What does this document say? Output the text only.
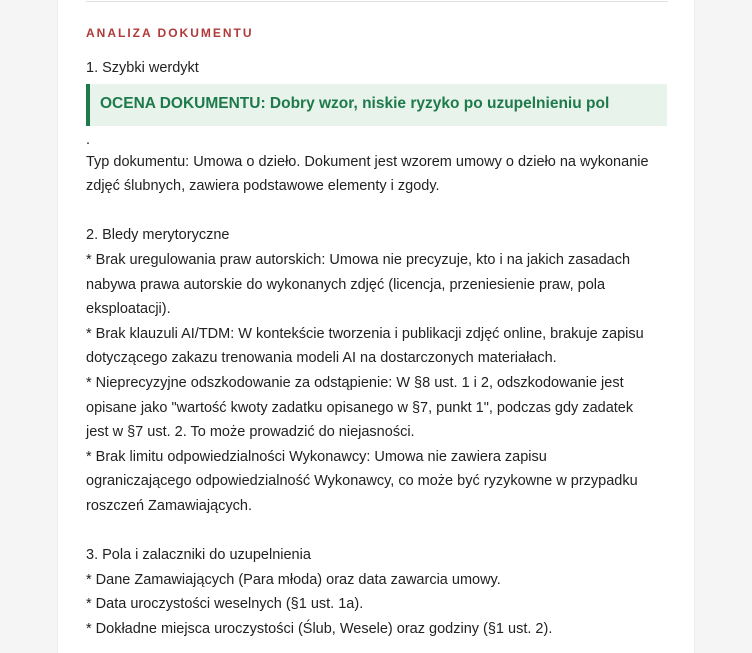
ANALIZA DOKUMENTU
1. Szybki werdykt
OCENA DOKUMENTU: Dobry wzor, niskie ryzyko po uzupelnieniu pol
.
Typ dokumentu: Umowa o dzieło. Dokument jest wzorem umowy o dzieło na wykonanie
zdjęć ślubnych, zawiera podstawowe elementy i zgody.
2. Bledy merytoryczne
* Brak uregulowania praw autorskich: Umowa nie precyzuje, kto i na jakich zasadach
nabywa prawa autorskie do wykonanych zdjęć (licencja, przeniesienie praw, pola
eksploatacji).
* Brak klauzuli AI/TDM: W kontekście tworzenia i publikacji zdjęć online, brakuje zapisu
dotyczącego zakazu trenowania modeli AI na dostarczonych materiałach.
* Nieprecyzyjne odszkodowanie za odstąpienie: W §8 ust. 1 i 2, odszkodowanie jest
opisane jako "wartość kwoty zadatku opisanego w §7, punkt 1", podczas gdy zadatek
jest w §7 ust. 2. To może prowadzić do niejasności.
* Brak limitu odpowiedzialności Wykonawcy: Umowa nie zawiera zapisu
ograniczającego odpowiedzialność Wykonawcy, co może być ryzykowne w przypadku
roszczeń Zamawiających.
3. Pola i zalaczniki do uzupelnienia
* Dane Zamawiających (Para młoda) oraz data zawarcia umowy.
* Data uroczystości weselnych (§1 ust. 1a).
* Dokładne miejsca uroczystości (Ślub, Wesele) oraz godziny (§1 ust. 2).
